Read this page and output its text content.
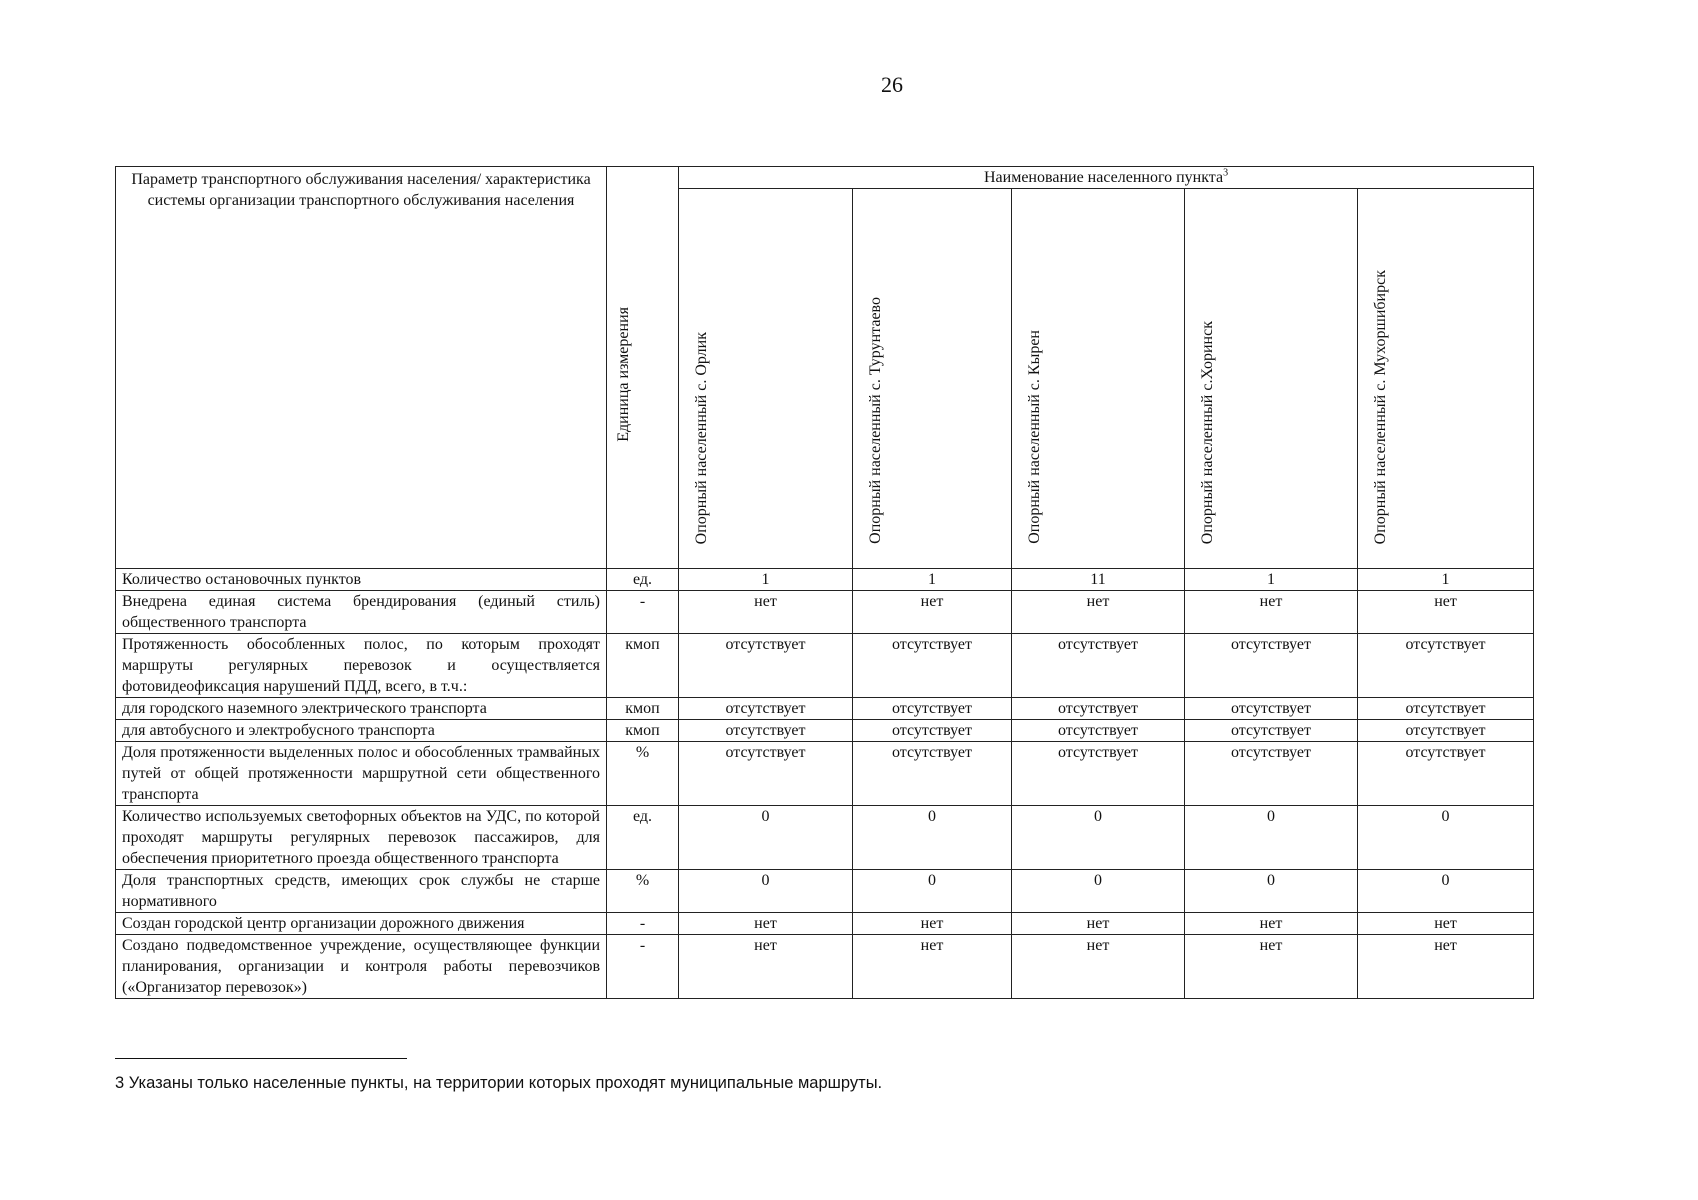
26
Параметр транспортного обслуживания населения/ характеристика системы организации транспортного обслуживания населения	Единица измерения	Наименование населенного пункта$^3$
		Опорный населенный с. Орлик	Опорный населенный с. Турунтаево	Опорный населенный с. Кырен	Опорный населенный с.Хоринск	Опорный населенный с. Мухоршибирск
Количество остановочных пунктов	ед.	1	1	11	1	1
Внедрена единая система брендирования (единый стиль) общественного транспорта	-	нет	нет	нет	нет	нет
Протяженность обособленных полос, по которым проходят маршруты регулярных перевозок и осуществляется фотовидеофиксация нарушений ПДД, всего, в т.ч.:	кмоп	отсутствует	отсутствует	отсутствует	отсутствует	отсутствует
для городского наземного электрического транспорта	кмоп	отсутствует	отсутствует	отсутствует	отсутствует	отсутствует
для автобусного и электробусного транспорта	кмоп	отсутствует	отсутствует	отсутствует	отсутствует	отсутствует
Доля протяженности выделенных полос и обособленных трамвайных путей от общей протяженности маршрутной сети общественного транспорта	%	отсутствует	отсутствует	отсутствует	отсутствует	отсутствует
Количество используемых светофорных объектов на УДС, по которой проходят маршруты регулярных перевозок пассажиров, для обеспечения приоритетного проезда общественного транспорта	ед.	0	0	0	0	0
Доля транспортных средств, имеющих срок службы не старше нормативного	%	0	0	0	0	0
Создан городской центр организации дорожного движения	-	нет	нет	нет	нет	нет
Создано подведомственное учреждение, осуществляющее функции планирования, организации и контроля работы перевозчиков («Организатор перевозок»)	-	нет	нет	нет	нет	нет
3 Указаны только населенные пункты, на территории которых проходят муниципальные маршруты.
